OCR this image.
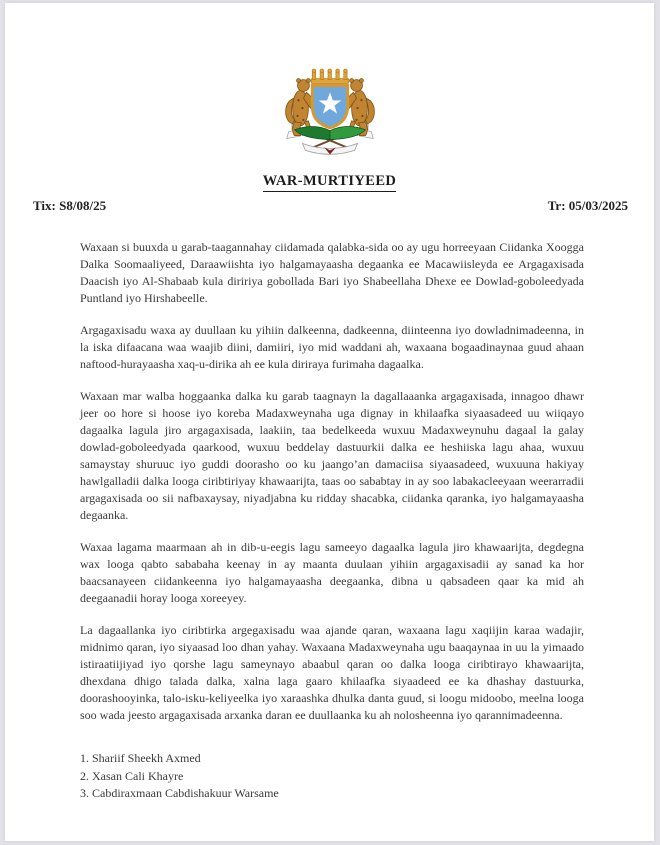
WAR-MURTIYEED
Tix: S8/08/25	Tr: 05/03/2025

Waxaan si buuxda u garab-taagannahay ciidamada qalabka-sida oo ay ugu horreeyaan Ciidanka Xoogga Dalka Soomaaliyeed, Daraawiishta iyo halgamayaasha degaanka ee Macawiisleyda ee Argagaxisada Daacish iyo Al-Shabaab kula diririya gobollada Bari iyo Shabeellaha Dhexe ee Dowlad-goboleedyada Puntland iyo Hirshabeelle.

Argagaxisadu waxa ay duullaan ku yihiin dalkeenna, dadkeenna, diinteenna iyo dowladnimadeenna, in la iska difaacana waa waajib diini, damiiri, iyo mid waddani ah, waxaana bogaadinaynaa guud ahaan naftood-hurayaasha xaq-u-dirika ah ee kula diriraya furimaha dagaalka.

Waxaan mar walba hoggaanka dalka ku garab taagnayn la dagallaaanka argagaxisada, innagoo dhawr jeer oo hore si hoose iyo koreba Madaxweynaha uga dignay in khilaafka siyaasadeed uu wiiqayo dagaalka lagula jiro argagaxisada, laakiin, taa bedelkeeda wuxuu Madaxweynuhu dagaal la galay dowlad-goboleedyada qaarkood, wuxuu beddelay dastuurkii dalka ee heshiiska lagu ahaa, wuxuu samaystay shuruuc iyo guddi doorasho oo ku jaango’an damaciisa siyaasadeed, wuxuuna hakiyay hawlgalladii dalka looga ciribtiriyay khawaarijta, taas oo sababtay in ay soo labakacleeyaan weerarradii argagaxisada oo sii nafbaxaysay, niyadjabna ku ridday shacabka, ciidanka qaranka, iyo halgamayaasha degaanka.

Waxaa lagama maarmaan ah in dib-u-eegis lagu sameeyo dagaalka lagula jiro khawaarijta, degdegna wax looga qabto sababaha keenay in ay maanta duulaan yihiin argagaxisadii ay sanad ka hor baacsanayeen ciidankeenna iyo halgamayaasha deegaanka, dibna u qabsadeen qaar ka mid ah deegaanadii horay looga xoreeyey.

La dagaallanka iyo ciribtirka argegaxisadu waa ajande qaran, waxaana lagu xaqiijin karaa wadajir, midnimo qaran, iyo siyaasad loo dhan yahay. Waxaana Madaxweynaha ugu baaqaynaa in uu la yimaado istiraatiijiyad iyo qorshe lagu sameynayo abaabul qaran oo dalka looga ciribtirayo khawaarijta, dhexdana dhigo talada dalka, xalna laga gaaro khilaafka siyaadeed ee ka dhashay dastuurka, doorashooyinka, talo-isku-keliyeelka iyo xaraashka dhulka danta guud, si loogu midoobo, meelna looga soo wada jeesto argagaxisada arxanka daran ee duullaanka ku ah nolosheenna iyo qarannimadeenna.

1. Shariif Sheekh Axmed
2. Xasan Cali Khayre
3. Cabdiraxmaan Cabdishakuur Warsame
